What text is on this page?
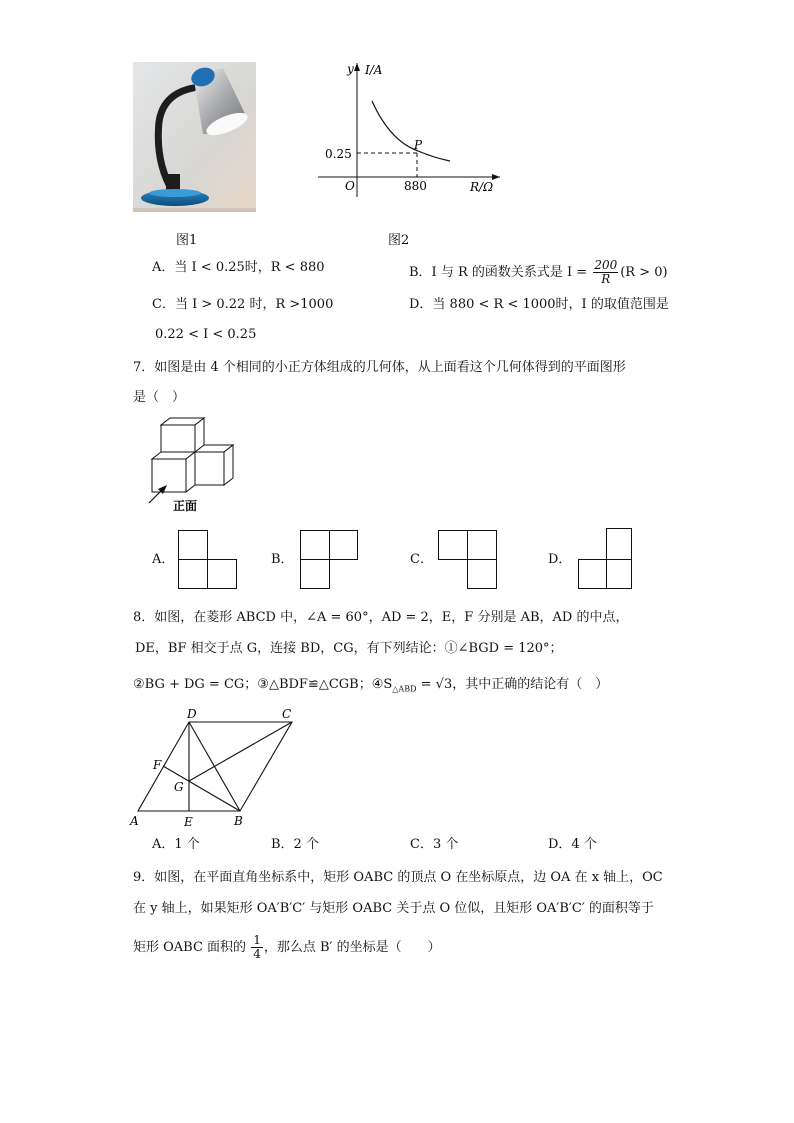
y I/A
0.25
O	880
P
R/Ω
图1	图2
A．当 I < 0.25时，R < 880	B．I 与 R 的函数关系式是 $I = \frac{200}{R} (R > 0)$
C．当 I > 0.22 时，R >1000	D．当 880 < R < 1000时，I 的取值范围是
0.22 < I < 0.25
7．如图是由 4 个相同的小正方体组成的几何体，从上面看这个几何体得到的平面图形
是（　）
正面
A．	B．	C．	D．
8．如图，在菱形 ABCD 中，∠A = 60°，AD = 2，E，F 分别是 AB，AD 的中点，
DE，BF 相交于点 G，连接 BD，CG，有下列结论：①∠BGD = 120°；
②BG + DG = CG；③△BDF≌△CGB；$④S_{\triangle ABD} = √3$，其中正确的结论有（　）
A	B
C
D
E
F
G
A．1 个	B．2 个	C．3 个	D．4 个
9．如图，在平面直角坐标系中，矩形 OABC 的顶点 O 在坐标原点，边 OA 在 x 轴上，OC
在 y 轴上，如果矩形 OA′B′C′ 与矩形 OABC 关于点 O 位似，且矩形 OA′B′C′ 的面积等于
矩形 OABC 面积的 $\frac{1}{4}$ ，那么点 B′ 的坐标是（　　）
